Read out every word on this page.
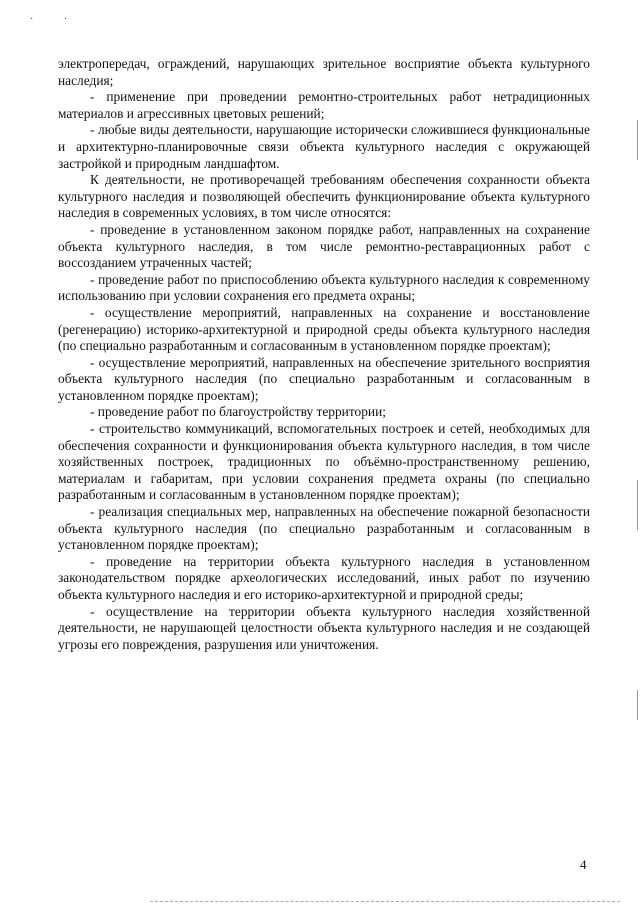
· ·

электропередач, ограждений, нарушающих зрительное восприятие объекта культурного наследия;

- применение при проведении ремонтно-строительных работ нетрадиционных материалов и агрессивных цветовых решений;

- любые виды деятельности, нарушающие исторически сложившиеся функциональные и архитектурно-планировочные связи объекта культурного наследия с окружающей застройкой и природным ландшафтом.

К деятельности, не противоречащей требованиям обеспечения сохранности объекта культурного наследия и позволяющей обеспечить функционирование объекта культурного наследия в современных условиях, в том числе относятся:

- проведение в установленном законом порядке работ, направленных на сохранение объекта культурного наследия, в том числе ремонтно-реставрационных работ с воссозданием утраченных частей;

- проведение работ по приспособлению объекта культурного наследия к современному использованию при условии сохранения его предмета охраны;

- осуществление мероприятий, направленных на сохранение и восстановление (регенерацию) историко-архитектурной и природной среды объекта культурного наследия (по специально разработанным и согласованным в установленном порядке проектам);

- осуществление мероприятий, направленных на обеспечение зрительного восприятия объекта культурного наследия (по специально разработанным и согласованным в установленном порядке проектам);

- проведение работ по благоустройству территории;

- строительство коммуникаций, вспомогательных построек и сетей, необходимых для обеспечения сохранности и функционирования объекта культурного наследия, в том числе хозяйственных построек, традиционных по объёмно-пространственному решению, материалам и габаритам, при условии сохранения предмета охраны (по специально разработанным и согласованным в установленном порядке проектам);

- реализация специальных мер, направленных на обеспечение пожарной безопасности объекта культурного наследия (по специально разработанным и согласованным в установленном порядке проектам);

- проведение на территории объекта культурного наследия в установленном законодательством порядке археологических исследований, иных работ по изучению объекта культурного наследия и его историко-архитектурной и природной среды;

- осуществление на территории объекта культурного наследия хозяйственной деятельности, не нарушающей целостности объекта культурного наследия и не создающей угрозы его повреждения, разрушения или уничтожения.

4
